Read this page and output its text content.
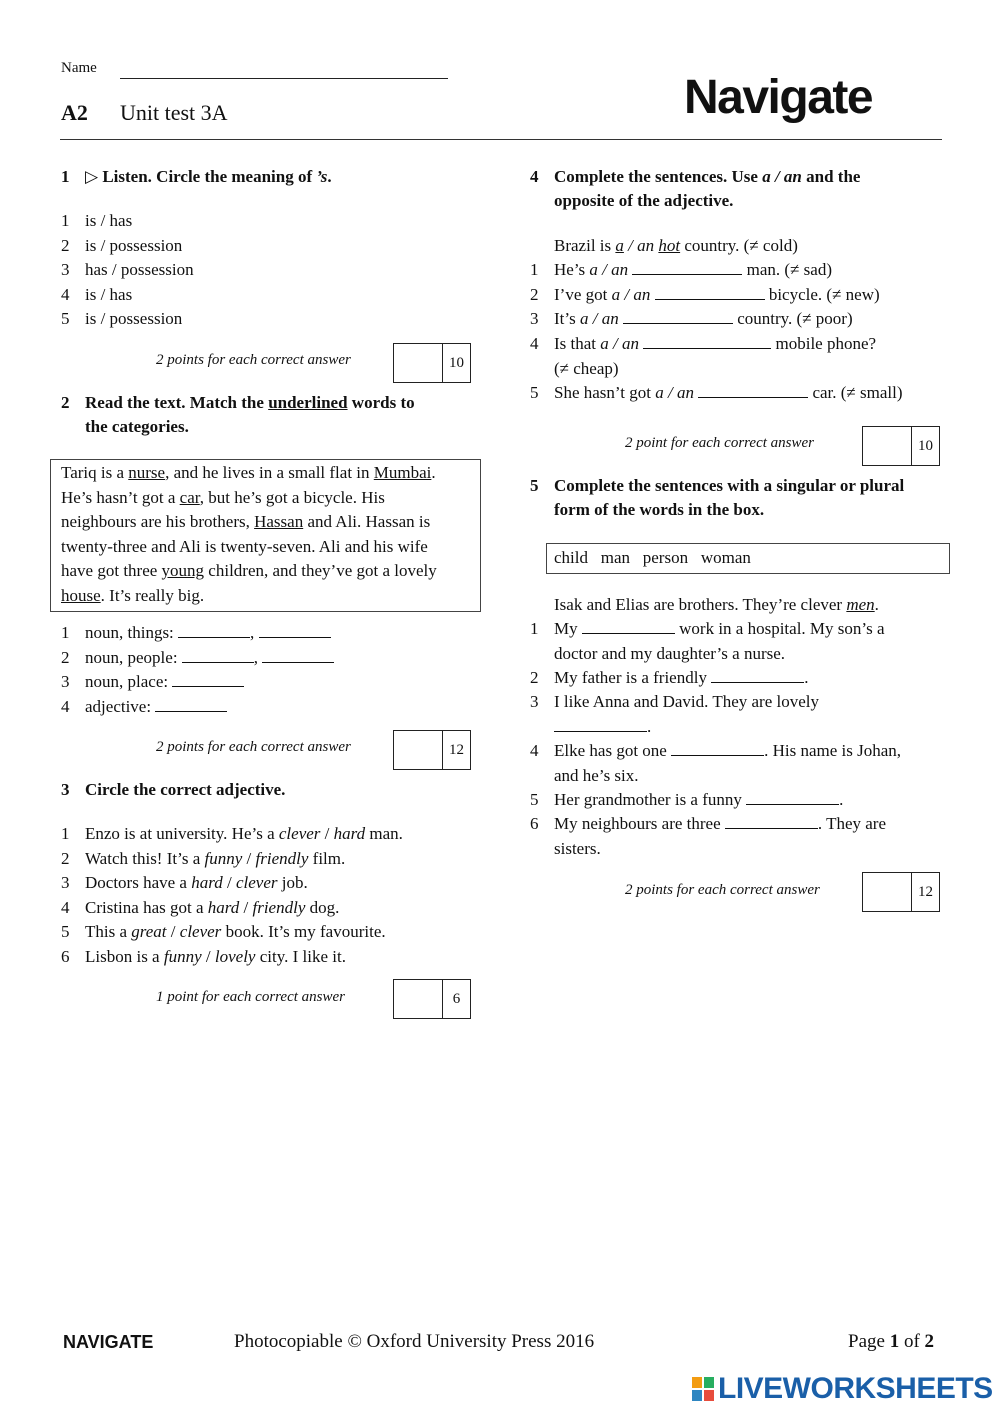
Name
A2 Unit test 3A	Navigate
1 ▷ Listen. Circle the meaning of ’s.
1 is / has
2 is / possession
3 has / possession
4 is / has
5 is / possession
2 points for each correct answer	10
2 Read the text. Match the underlined words to
the categories.
Tariq is a nurse, and he lives in a small flat in Mumbai.
He’s hasn’t got a car, but he’s got a bicycle. His
neighbours are his brothers, Hassan and Ali. Hassan is
twenty-three and Ali is twenty-seven. Ali and his wife
have got three young children, and they’ve got a lovely
house. It’s really big.
1 noun, things:	,
2 noun, people:	,
3 noun, place:
4 adjective:
2 points for each correct answer	12
3 Circle the correct adjective.
1 Enzo is at university. He’s a clever / hard man.
2 Watch this! It’s a funny / friendly film.
3 Doctors have a hard / clever job.
4 Cristina has got a hard / friendly dog.
5 This a great / clever book. It’s my favourite.
6 Lisbon is a funny / lovely city. I like it.
1 point for each correct answer	6
4 Complete the sentences. Use a / an and the
opposite of the adjective.
Brazil is a / an hot country. (≠ cold)
1 He’s a / an	man. (≠ sad)
2 I’ve got a / an	bicycle. (≠ new)
3 It’s a / an	country. (≠ poor)
4 Is that a / an	mobile phone?
(≠ cheap)
5 She hasn’t got a / an	car. (≠ small)
2 point for each correct answer	10
5 Complete the sentences with a singular or plural
form of the words in the box.
child   man   person   woman
Isak and Elias are brothers. They’re clever men.
1 My	work in a hospital. My son’s a
doctor and my daughter’s a nurse.
2 My father is a friendly	.
3 I like Anna and David. They are lovely
.
4 Elke has got one	. His name is Johan,
and he’s six.
5 Her grandmother is a funny	.
6 My neighbours are three	. They are
sisters.
2 points for each correct answer	12
NAVIGATE	Photocopiable © Oxford University Press 2016	Page 1 of 2
LIVEWORKSHEETS
